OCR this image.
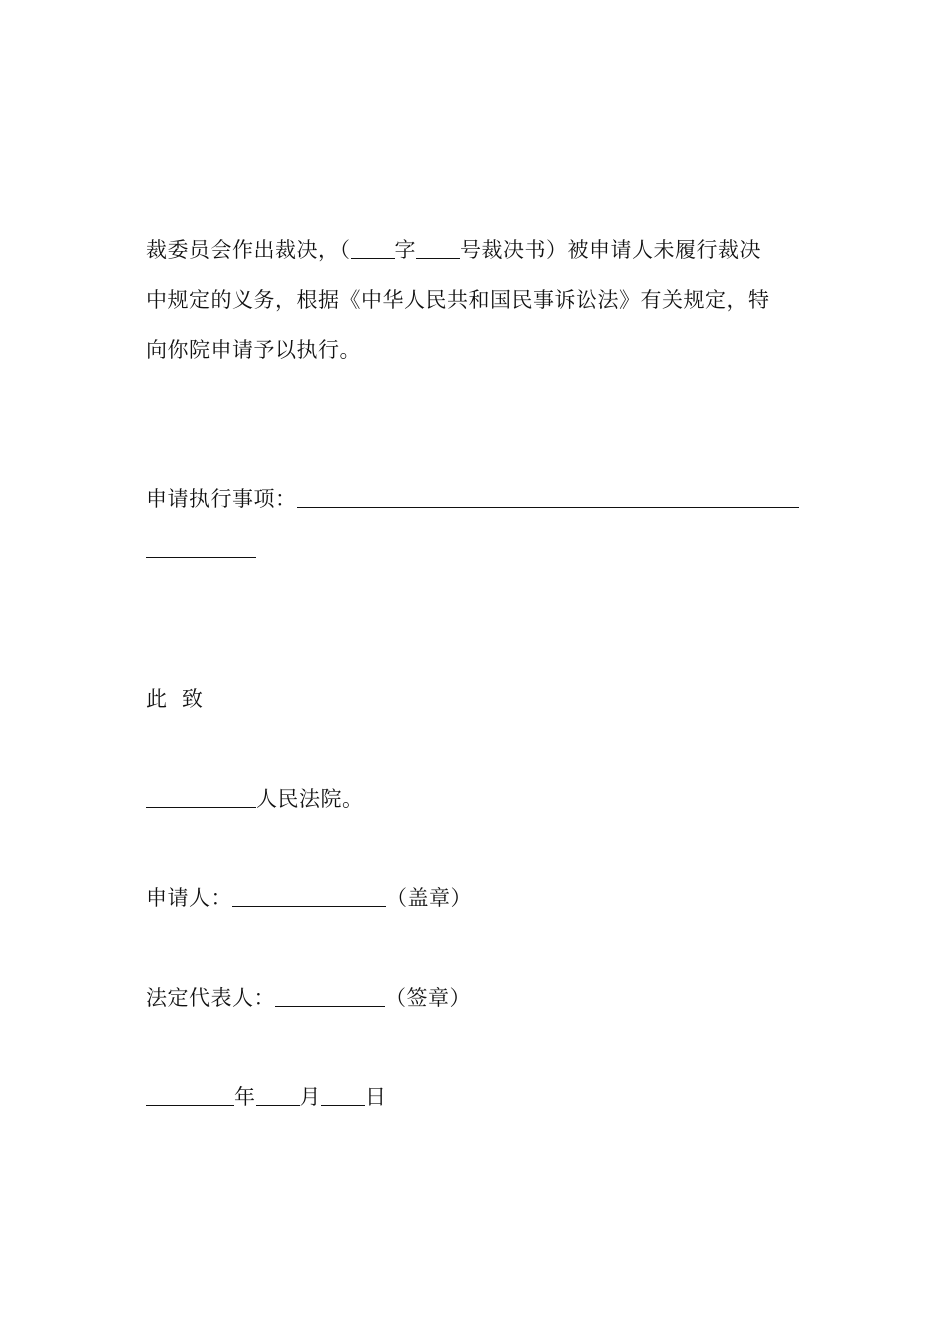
裁委员会作出裁决，（ 字 号裁决书）被申请人未履行裁决
中规定的义务，根据《中华人民共和国民事诉讼法》有关规定，特
向你院申请予以执行。
申请执行事项：
此  致
人民法院。
申请人：	（盖章）
法定代表人：	（签章）
年 月 日
